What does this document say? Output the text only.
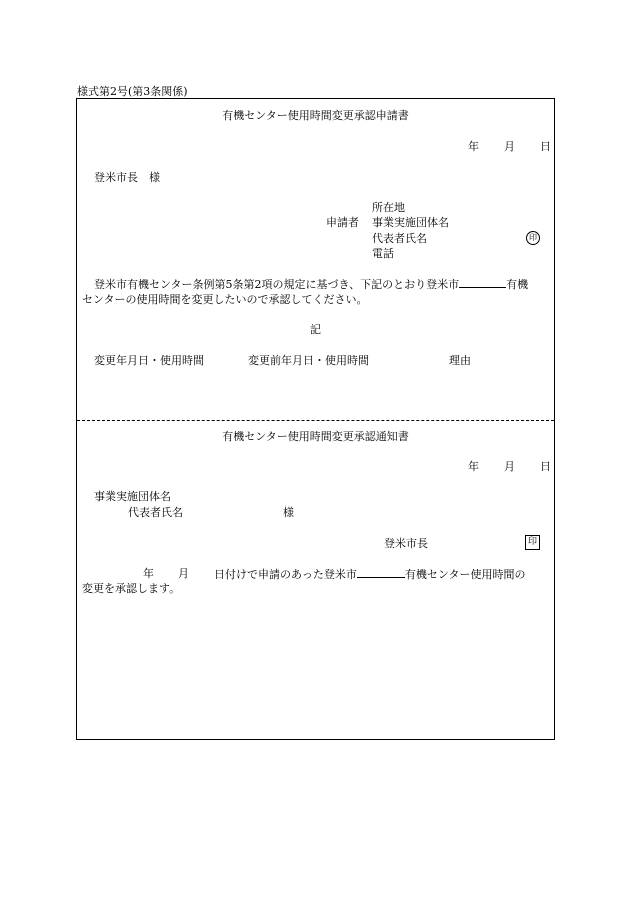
様式第2号(第3条関係)
有機センター使用時間変更承認申請書
年 月 日
登米市長　様
申請者
所在地
事業実施団体名
代表者氏名
電話
印
登米市有機センター条例第5条第2項の規定に基づき、下記のとおり登米市	有機
センターの使用時間を変更したいので承認してください。
記
変更年月日・使用時間	変更前年月日・使用時間	理由
有機センター使用時間変更承認通知書
年 月 日
事業実施団体名
代表者氏名	様
登米市長	印
年 月 日付けで申請のあった登米市	有機センター使用時間の
変更を承認します。
